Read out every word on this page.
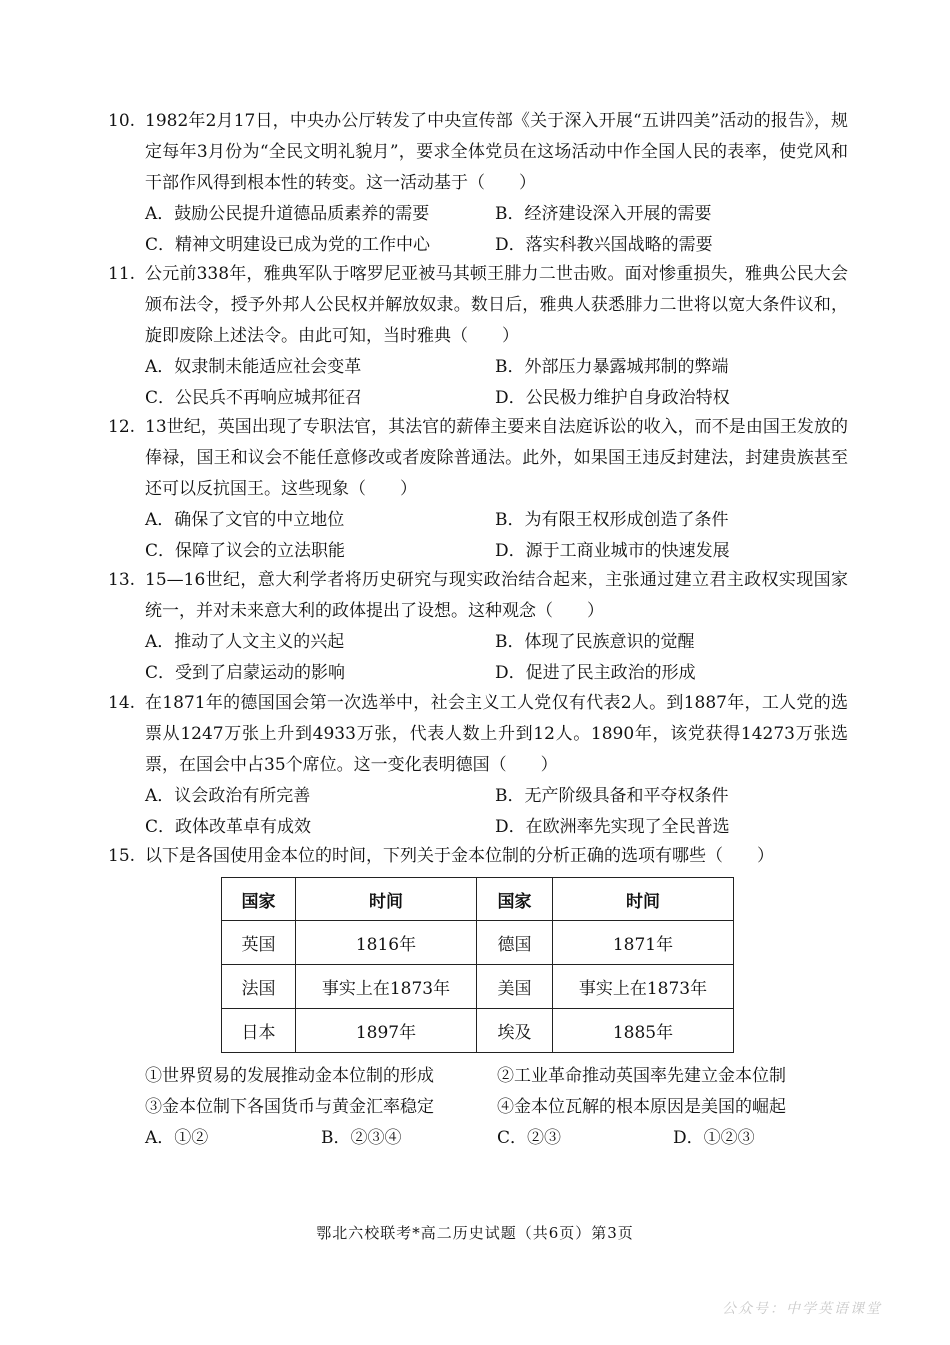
10. 1982年2月17日，中央办公厅转发了中央宣传部《关于深入开展“五讲四美”活动的报告》，规定每年3月份为“全民文明礼貌月”，要求全体党员在这场活动中作全国人民的表率，使党风和干部作风得到根本性的转变。这一活动基于（　　）
A．鼓励公民提升道德品质素养的需要	B．经济建设深入开展的需要
C．精神文明建设已成为党的工作中心	D．落实科教兴国战略的需要
11. 公元前338年，雅典军队于喀罗尼亚被马其顿王腓力二世击败。面对惨重损失，雅典公民大会颁布法令，授予外邦人公民权并解放奴隶。数日后，雅典人获悉腓力二世将以宽大条件议和，旋即废除上述法令。由此可知，当时雅典（　　）
A．奴隶制未能适应社会变革	B．外部压力暴露城邦制的弊端
C．公民兵不再响应城邦征召	D．公民极力维护自身政治特权
12. 13世纪，英国出现了专职法官，其法官的薪俸主要来自法庭诉讼的收入，而不是由国王发放的俸禄，国王和议会不能任意修改或者废除普通法。此外，如果国王违反封建法，封建贵族甚至还可以反抗国王。这些现象（　　）
A．确保了文官的中立地位	B．为有限王权形成创造了条件
C．保障了议会的立法职能	D．源于工商业城市的快速发展
13. 15—16世纪，意大利学者将历史研究与现实政治结合起来，主张通过建立君主政权实现国家统一，并对未来意大利的政体提出了设想。这种观念（　　）
A．推动了人文主义的兴起	B．体现了民族意识的觉醒
C．受到了启蒙运动的影响	D．促进了民主政治的形成
14. 在1871年的德国国会第一次选举中，社会主义工人党仅有代表2人。到1887年，工人党的选票从1247万张上升到4933万张，代表人数上升到12人。1890年，该党获得14273万张选票，在国会中占35个席位。这一变化表明德国（　　）
A．议会政治有所完善	B．无产阶级具备和平夺权条件
C．政体改革卓有成效	D．在欧洲率先实现了全民普选
15. 以下是各国使用金本位的时间，下列关于金本位制的分析正确的选项有哪些（　　）
国家	时间	国家	时间
英国	1816年	德国	1871年
法国	事实上在1873年	美国	事实上在1873年
日本	1897年	埃及	1885年
①世界贸易的发展推动金本位制的形成	②工业革命推动英国率先建立金本位制
③金本位制下各国货币与黄金汇率稳定	④金本位瓦解的根本原因是美国的崛起
A．①②	B．②③④	C．②③	D．①②③
鄂北六校联考*高二历史试题（共6页）第3页
公众号：中学英语课堂
